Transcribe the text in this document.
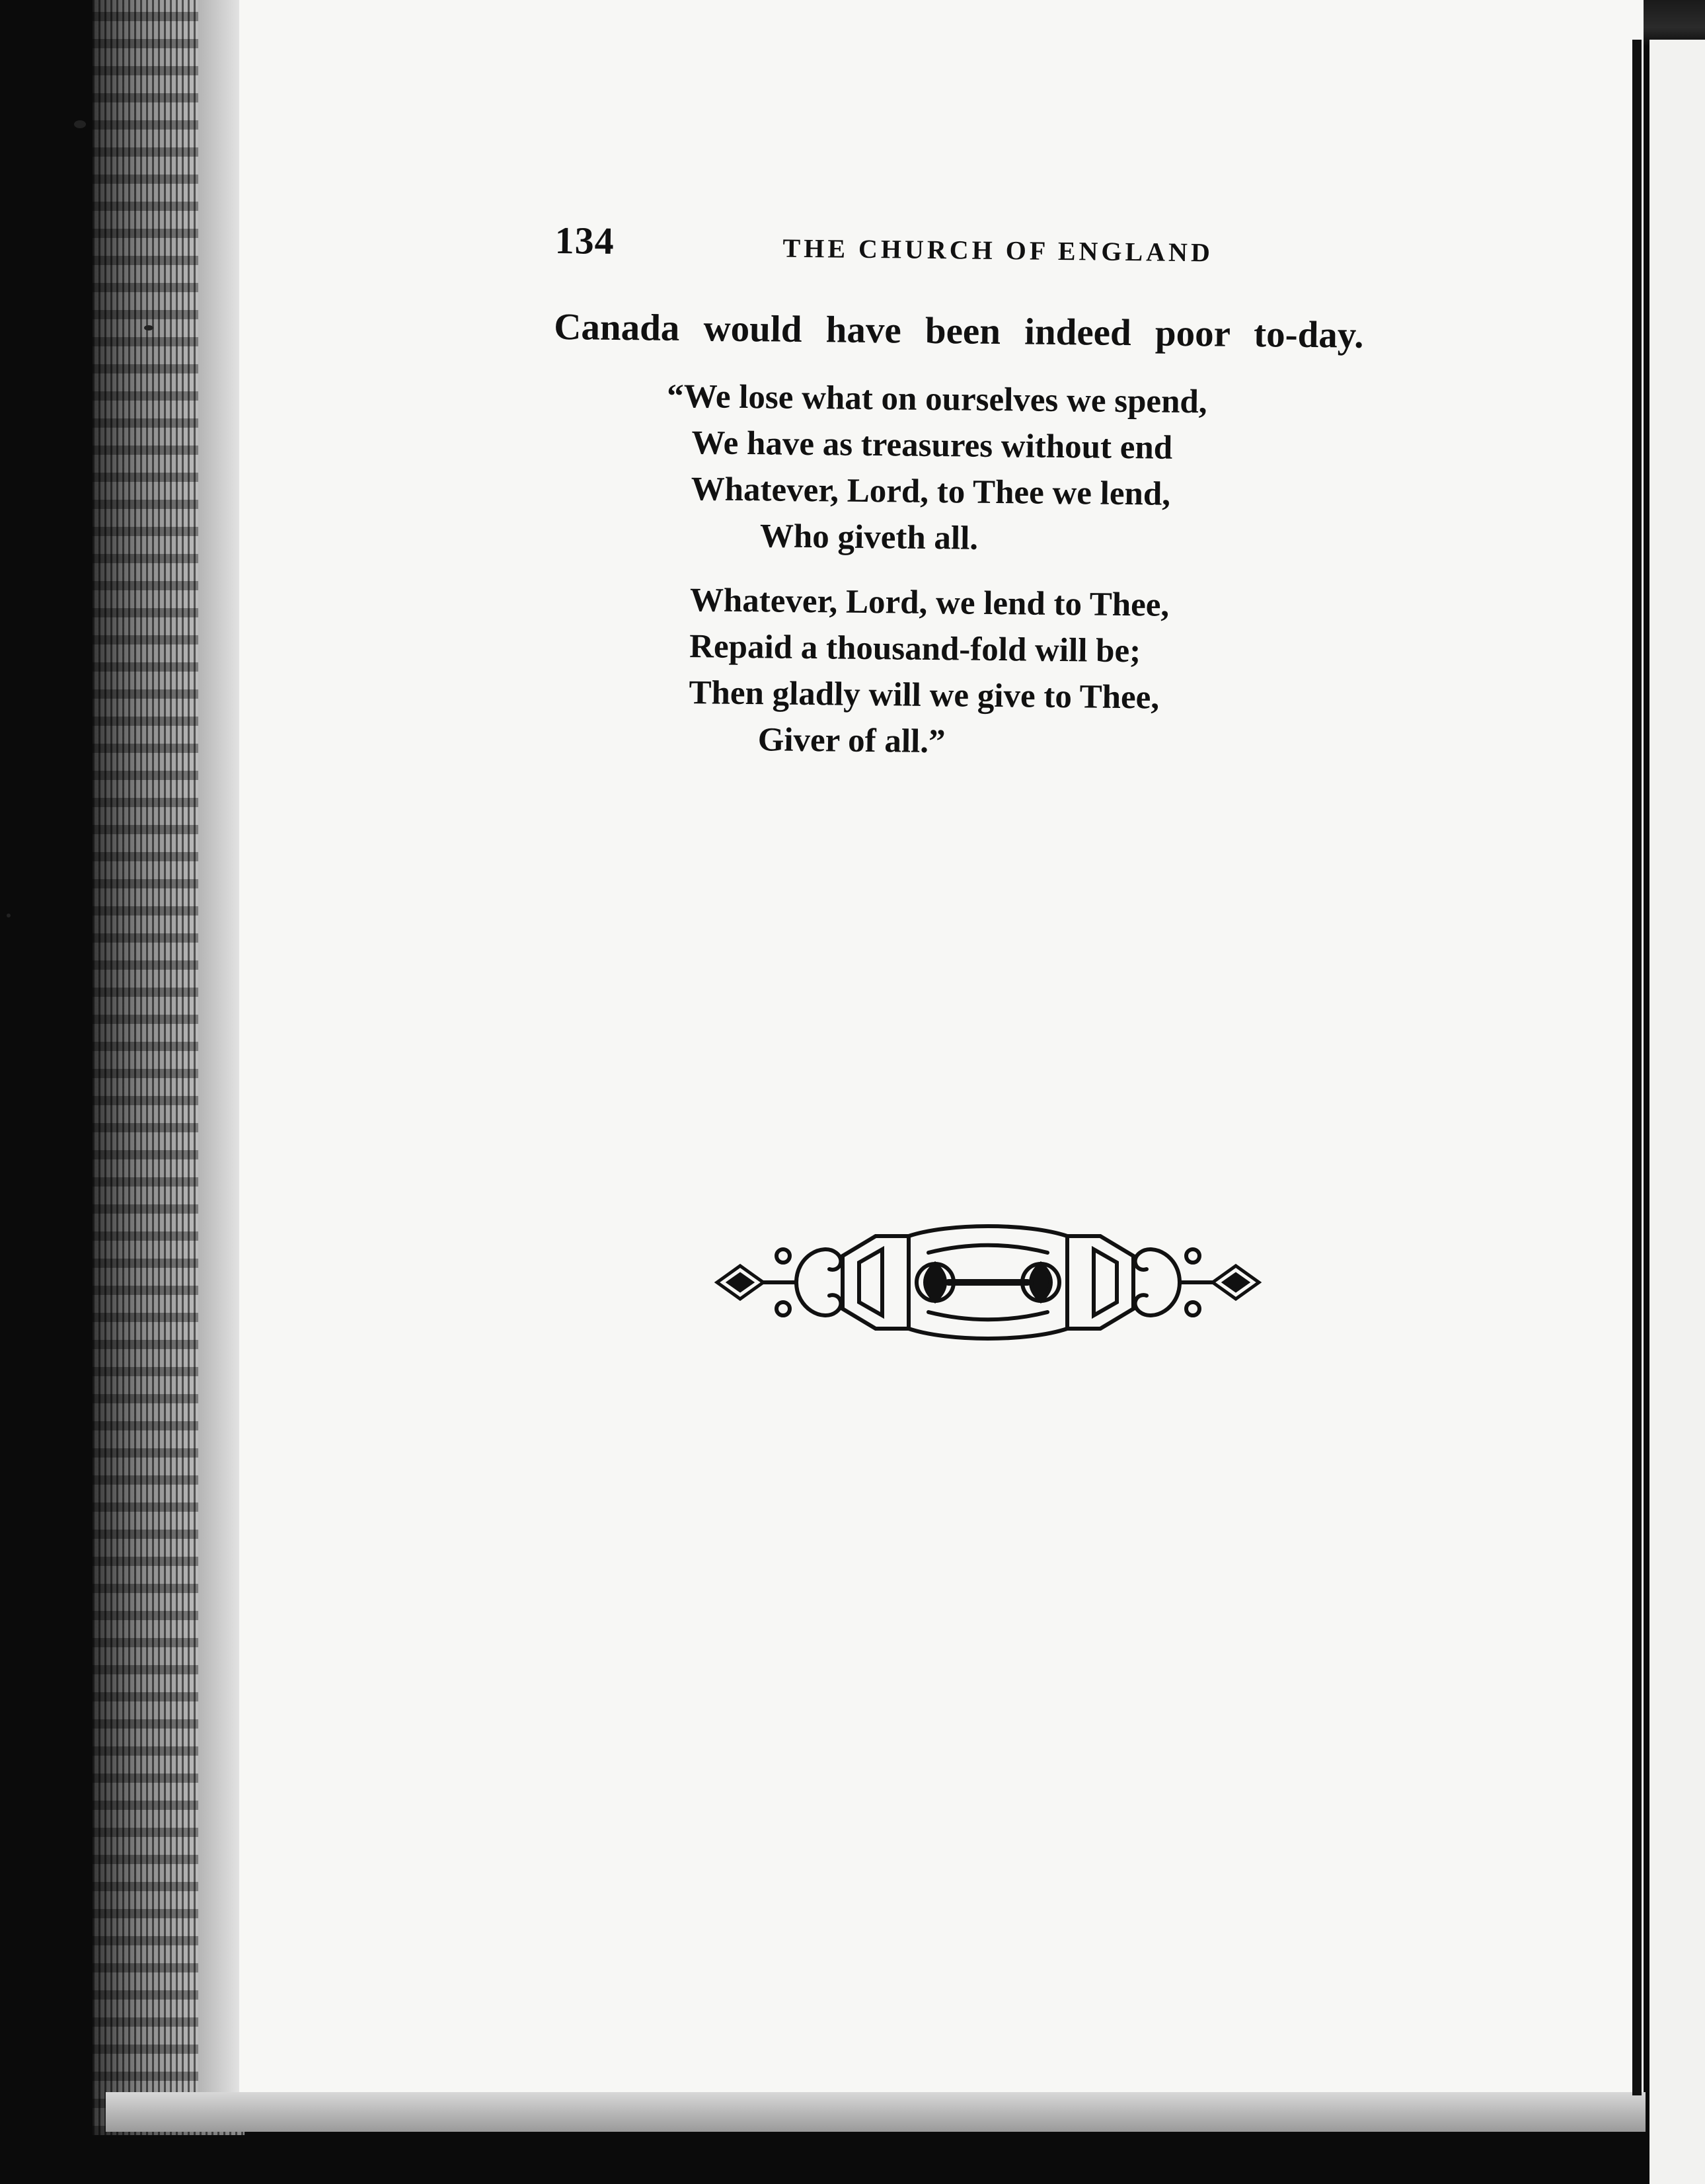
134	THE CHURCH OF ENGLAND
Canada would have been indeed poor to-day.
“We lose what on ourselves we spend,
We have as treasures without end
Whatever, Lord, to Thee we lend,
Who giveth all.
Whatever, Lord, we lend to Thee,
Repaid a thousand-fold will be;
Then gladly will we give to Thee,
Giver of all.”
